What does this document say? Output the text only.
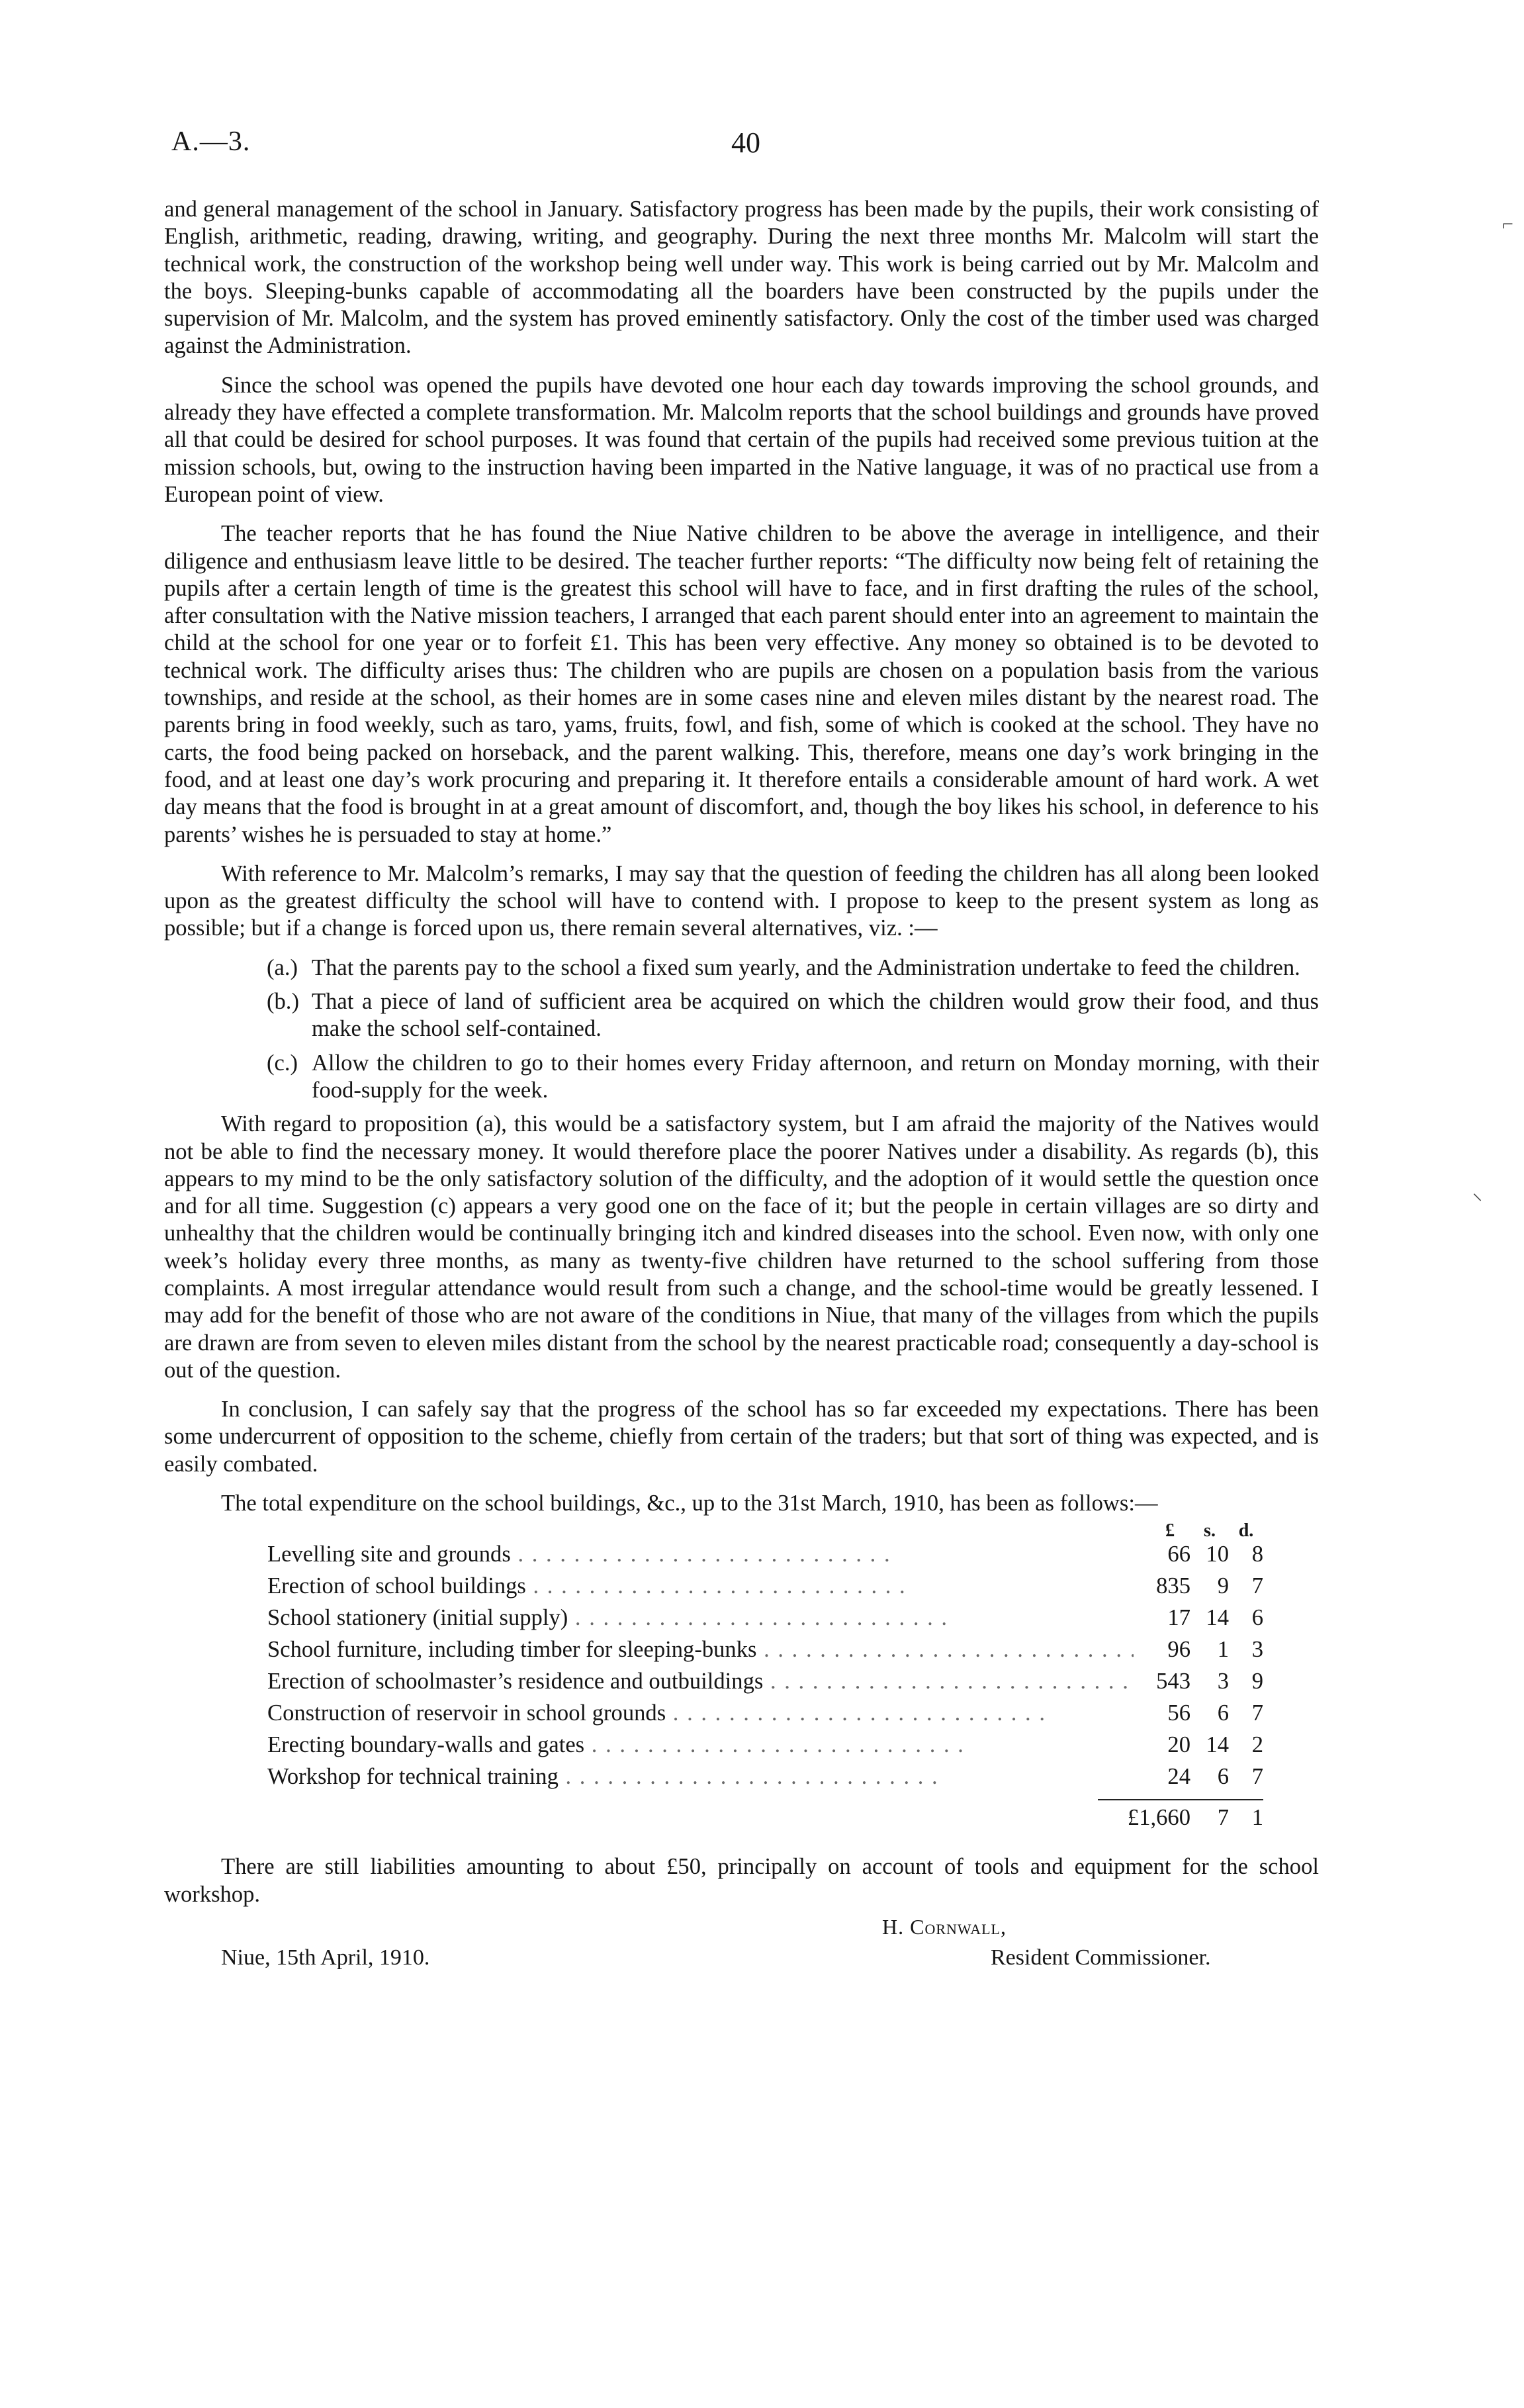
A.—3.	40

and general management of the school in January. Satisfactory progress has been made by the pupils, their work consisting of English, arithmetic, reading, drawing, writing, and geography. During the next three months Mr. Malcolm will start the technical work, the construction of the workshop being well under way. This work is being carried out by Mr. Malcolm and the boys. Sleeping-bunks capable of accommodating all the boarders have been constructed by the pupils under the supervision of Mr. Malcolm, and the system has proved eminently satisfactory. Only the cost of the timber used was charged against the Administration.

Since the school was opened the pupils have devoted one hour each day towards improving the school grounds, and already they have effected a complete transformation. Mr. Malcolm reports that the school buildings and grounds have proved all that could be desired for school purposes. It was found that certain of the pupils had received some previous tuition at the mission schools, but, owing to the instruction having been imparted in the Native language, it was of no practical use from a European point of view.

The teacher reports that he has found the Niue Native children to be above the average in intelligence, and their diligence and enthusiasm leave little to be desired. The teacher further reports: “The difficulty now being felt of retaining the pupils after a certain length of time is the greatest this school will have to face, and in first drafting the rules of the school, after consultation with the Native mission teachers, I arranged that each parent should enter into an agreement to maintain the child at the school for one year or to forfeit £1. This has been very effective. Any money so obtained is to be devoted to technical work. The difficulty arises thus: The children who are pupils are chosen on a population basis from the various townships, and reside at the school, as their homes are in some cases nine and eleven miles distant by the nearest road. The parents bring in food weekly, such as taro, yams, fruits, fowl, and fish, some of which is cooked at the school. They have no carts, the food being packed on horseback, and the parent walking. This, therefore, means one day’s work bringing in the food, and at least one day’s work procuring and preparing it. It therefore entails a considerable amount of hard work. A wet day means that the food is brought in at a great amount of discomfort, and, though the boy likes his school, in deference to his parents’ wishes he is persuaded to stay at home.”

With reference to Mr. Malcolm’s remarks, I may say that the question of feeding the children has all along been looked upon as the greatest difficulty the school will have to contend with. I propose to keep to the present system as long as possible; but if a change is forced upon us, there remain several alternatives, viz. :—

(a.) That the parents pay to the school a fixed sum yearly, and the Administration undertake to feed the children.
(b.) That a piece of land of sufficient area be acquired on which the children would grow their food, and thus make the school self-contained.
(c.) Allow the children to go to their homes every Friday afternoon, and return on Monday morning, with their food-supply for the week.

With regard to proposition (a), this would be a satisfactory system, but I am afraid the majority of the Natives would not be able to find the necessary money. It would therefore place the poorer Natives under a disability. As regards (b), this appears to my mind to be the only satisfactory solution of the difficulty, and the adoption of it would settle the question once and for all time. Suggestion (c) appears a very good one on the face of it; but the people in certain villages are so dirty and unhealthy that the children would be continually bringing itch and kindred diseases into the school. Even now, with only one week’s holiday every three months, as many as twenty-five children have returned to the school suffering from those complaints. A most irregular attendance would result from such a change, and the school-time would be greatly lessened. I may add for the benefit of those who are not aware of the conditions in Niue, that many of the villages from which the pupils are drawn are from seven to eleven miles distant from the school by the nearest practicable road; consequently a day-school is out of the question.

In conclusion, I can safely say that the progress of the school has so far exceeded my expectations. There has been some undercurrent of opposition to the scheme, chiefly from certain of the traders; but that sort of thing was expected, and is easily combated.

The total expenditure on the school buildings, &c., up to the 31st March, 1910, has been as follows:—
£	s.	d.
Levelling site and grounds . . .	66 10	8
Erection of school buildings . . .	835	9	7
School stationery (initial supply) . . .	17 14	6
School furniture, including timber for sleeping-bunks . . .	96	1	3
Erection of schoolmaster’s residence and outbuildings . . .	543	3	9
Construction of reservoir in school grounds . . .	56	6	7
Erecting boundary-walls and gates . . .	20 14	2
Workshop for technical training . . .	24	6	7
£1,660	7	1
There are still liabilities amounting to about £50, principally on account of tools and equipment for the school workshop.
H. Cornwall,
Niue, 15th April, 1910.	Resident Commissioner.
⌐
⸜
